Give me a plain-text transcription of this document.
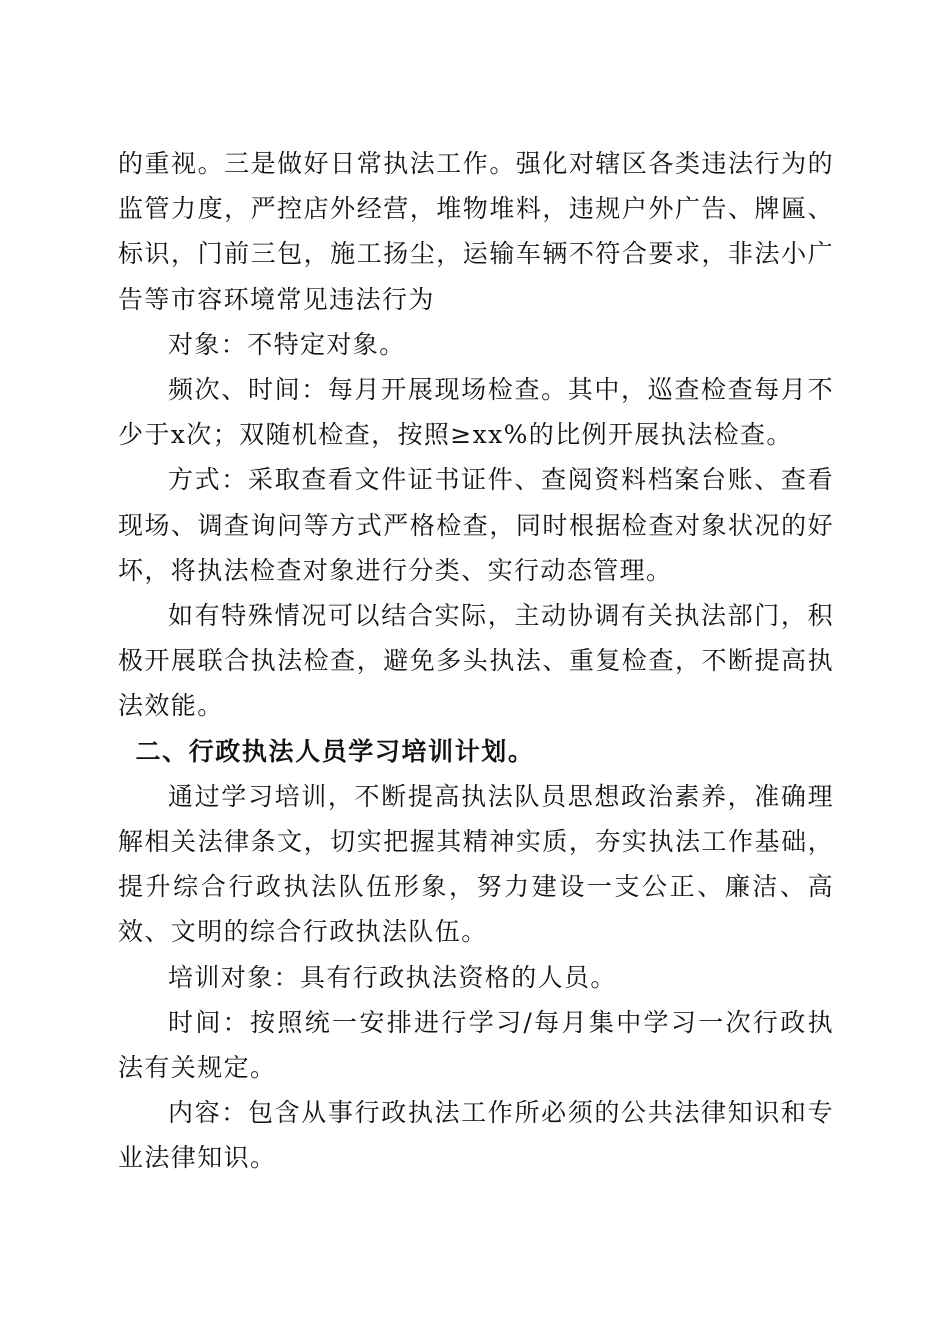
的重视。三是做好日常执法工作。强化对辖区各类违法行为的监管力度，严控店外经营，堆物堆料，违规户外广告、牌匾、标识，门前三包，施工扬尘，运输车辆不符合要求，非法小广告等市容环境常见违法行为

对象：不特定对象。

频次、时间：每月开展现场检查。其中，巡查检查每月不少于x次；双随机检查，按照≥xx%的比例开展执法检查。

方式：采取查看文件证书证件、查阅资料档案台账、查看现场、调查询问等方式严格检查，同时根据检查对象状况的好坏，将执法检查对象进行分类、实行动态管理。

如有特殊情况可以结合实际，主动协调有关执法部门，积极开展联合执法检查，避免多头执法、重复检查，不断提高执法效能。

二、行政执法人员学习培训计划。

通过学习培训，不断提高执法队员思想政治素养，准确理解相关法律条文，切实把握其精神实质，夯实执法工作基础，提升综合行政执法队伍形象，努力建设一支公正、廉洁、高效、文明的综合行政执法队伍。

培训对象：具有行政执法资格的人员。

时间：按照统一安排进行学习/每月集中学习一次行政执法有关规定。

内容：包含从事行政执法工作所必须的公共法律知识和专业法律知识。
